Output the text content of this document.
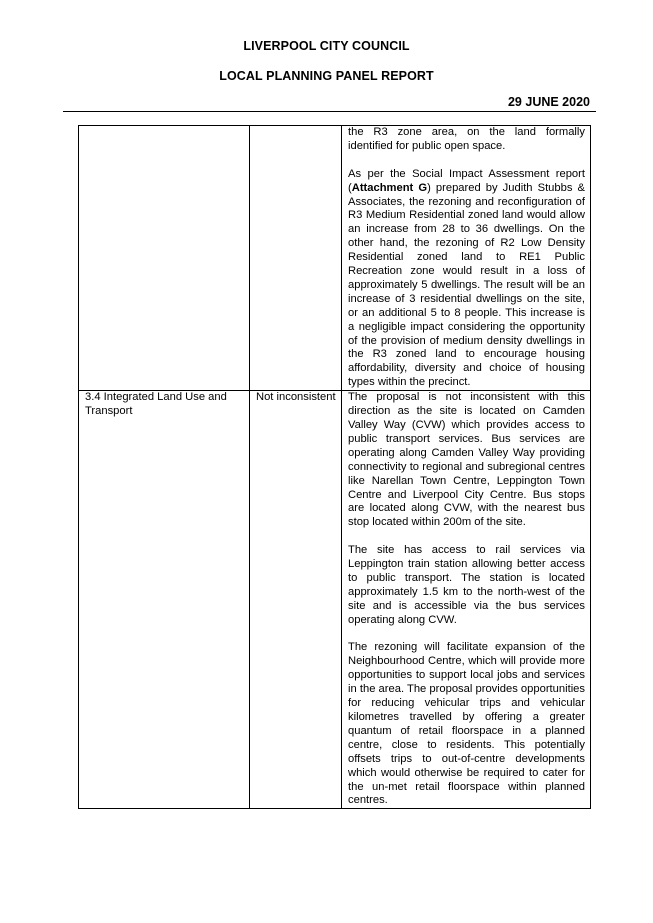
LIVERPOOL CITY COUNCIL
LOCAL PLANNING PANEL REPORT
29 JUNE 2020

		the R3 zone area, on the land formally identified for public open space.

As per the Social Impact Assessment report (Attachment G) prepared by Judith Stubbs & Associates, the rezoning and reconfiguration of R3 Medium Residential zoned land would allow an increase from 28 to 36 dwellings. On the other hand, the rezoning of R2 Low Density Residential zoned land to RE1 Public Recreation zone would result in a loss of approximately 5 dwellings. The result will be an increase of 3 residential dwellings on the site, or an additional 5 to 8 people. This increase is a negligible impact considering the opportunity of the provision of medium density dwellings in the R3 zoned land to encourage housing affordability, diversity and choice of housing types within the precinct.

3.4 Integrated Land Use and Transport	Not inconsistent	The proposal is not inconsistent with this direction as the site is located on Camden Valley Way (CVW) which provides access to public transport services. Bus services are operating along Camden Valley Way providing connectivity to regional and subregional centres like Narellan Town Centre, Leppington Town Centre and Liverpool City Centre. Bus stops are located along CVW, with the nearest bus stop located within 200m of the site.

The site has access to rail services via Leppington train station allowing better access to public transport. The station is located approximately 1.5 km to the north-west of the site and is accessible via the bus services operating along CVW.

The rezoning will facilitate expansion of the Neighbourhood Centre, which will provide more opportunities to support local jobs and services in the area. The proposal provides opportunities for reducing vehicular trips and vehicular kilometres travelled by offering a greater quantum of retail floorspace in a planned centre, close to residents. This potentially offsets trips to out-of-centre developments which would otherwise be required to cater for the un-met retail floorspace within planned centres.
